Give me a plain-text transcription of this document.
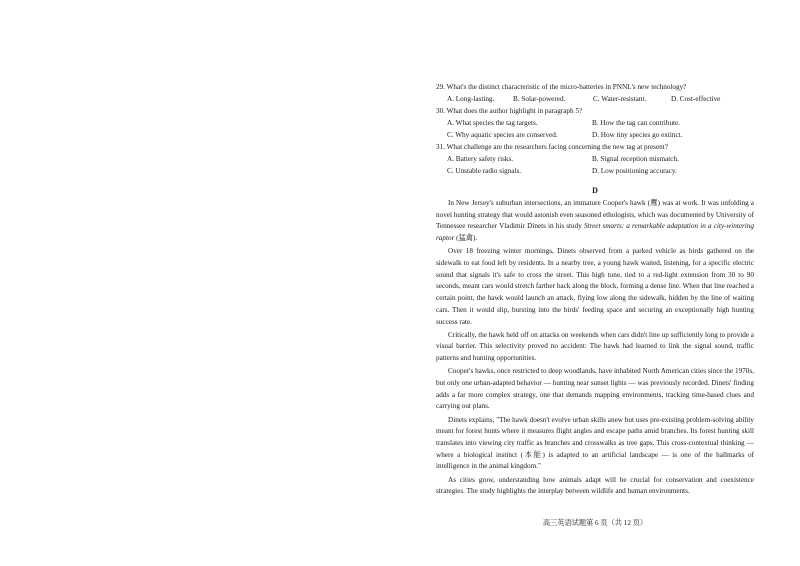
29. What's the distinct characteristic of the micro-batteries in PNNL's new technology?
A. Long-lasting.	B. Solar-powered.	C. Water-resistant.	D. Cost-effective
30. What does the author highlight in paragraph 5?
A. What species the tag targets.	B. How the tag can contribute.
C. Why aquatic species are conserved.	D. How tiny species go extinct.
31. What challenge are the researchers facing concerning the new tag at present?
A. Battery safety risks.	B. Signal reception mismatch.
C. Unstable radio signals.	D. Low positioning accuracy.
D

In New Jersey's suburban intersections, an immature Cooper's hawk (鹰) was at work. It was unfolding a novel hunting strategy that would astonish even seasoned ethologists, which was documented by University of Tennessee researcher Vladimir Dinets in his study Street smarts: a remarkable adaptation in a city-wintering raptor (猛禽).

Over 18 freezing winter mornings, Dinets observed from a parked vehicle as birds gathered on the sidewalk to eat food left by residents. In a nearby tree, a young hawk waited, listening, for a specific electric sound that signals it's safe to cross the street. This high tone, tied to a red-light extension from 30 to 90 seconds, meant cars would stretch farther back along the block, forming a dense line. When that line reached a certain point, the hawk would launch an attack, flying low along the sidewalk, hidden by the line of waiting cars. Then it would slip, bursting into the birds' feeding space and securing an exceptionally high hunting success rate.

Critically, the hawk held off on attacks on weekends when cars didn't line up sufficiently long to provide a visual barrier. This selectivity proved no accident: The hawk had learned to link the signal sound, traffic patterns and hunting opportunities.

Cooper's hawks, once restricted to deep woodlands, have inhabited North American cities since the 1970s, but only one urban-adapted behavior — hunting near sunset lights — was previously recorded. Dinets' finding adds a far more complex strategy, one that demands mapping environments, tracking time-based clues and carrying out plans.

Dinets explains, "The hawk doesn't evolve urban skills anew but uses pre-existing problem-solving ability meant for forest hunts where it measures flight angles and escape paths amid branches. Its forest hunting skill translates into viewing city traffic as branches and crosswalks as tree gaps. This cross-contextual thinking — where a biological instinct (本能) is adapted to an artificial landscape — is one of the hallmarks of intelligence in the animal kingdom."

As cities grow, understanding how animals adapt will be crucial for conservation and coexistence strategies. The study highlights the interplay between wildlife and human environments.

高三英语试题第 6 页（共 12 页）
